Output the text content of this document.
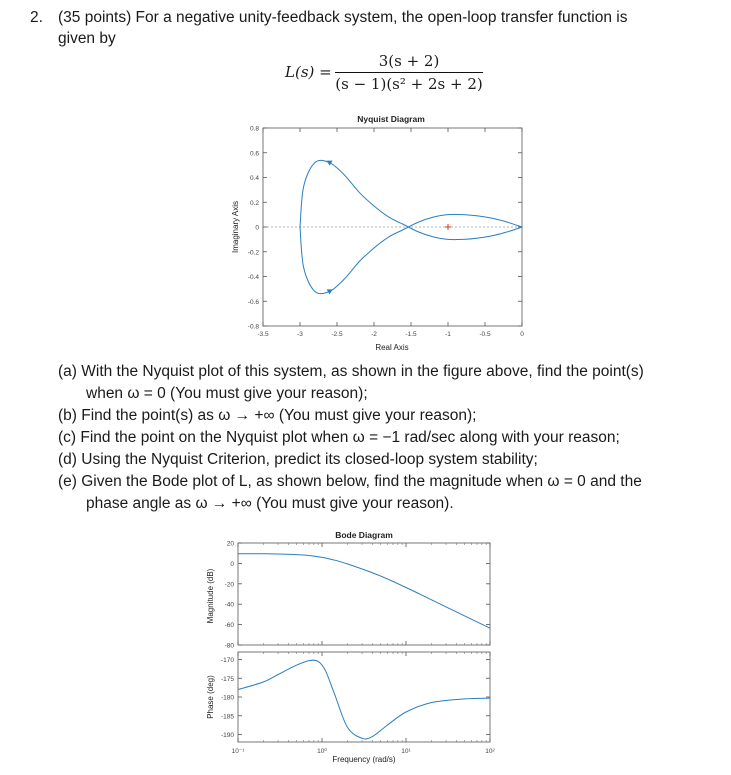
2. (35 points) For a negative unity-feedback system, the open-loop transfer function is
given by
L(s) =
3(s + 2)
(s − 1)(s² + 2s + 2)
Nyquist Diagram
0.8
0.6
0.4
0.2
0
-0.2
-0.4
-0.6
-0.8
-3.5	-3	-2.5	-2	-1.5	-1	-0.5	0
Real Axis
Imaginary Axis
(a) With the Nyquist plot of this system, as shown in the figure above, find the point(s)
when ω = 0 (You must give your reason);
(b) Find the point(s) as ω → +∞ (You must give your reason);
(c) Find the point on the Nyquist plot when ω = −1 rad/sec along with your reason;
(d) Using the Nyquist Criterion, predict its closed-loop system stability;
(e) Given the Bode plot of L, as shown below, find the magnitude when ω = 0 and the
phase angle as ω → +∞ (You must give your reason).
Bode Diagram
20
0
-20
-40
-60
-80
-170
-175
-180
-185
-190
10⁻¹	10⁰	10¹	10²
Magnitude (dB)
Phase (deg)
Frequency (rad/s)
